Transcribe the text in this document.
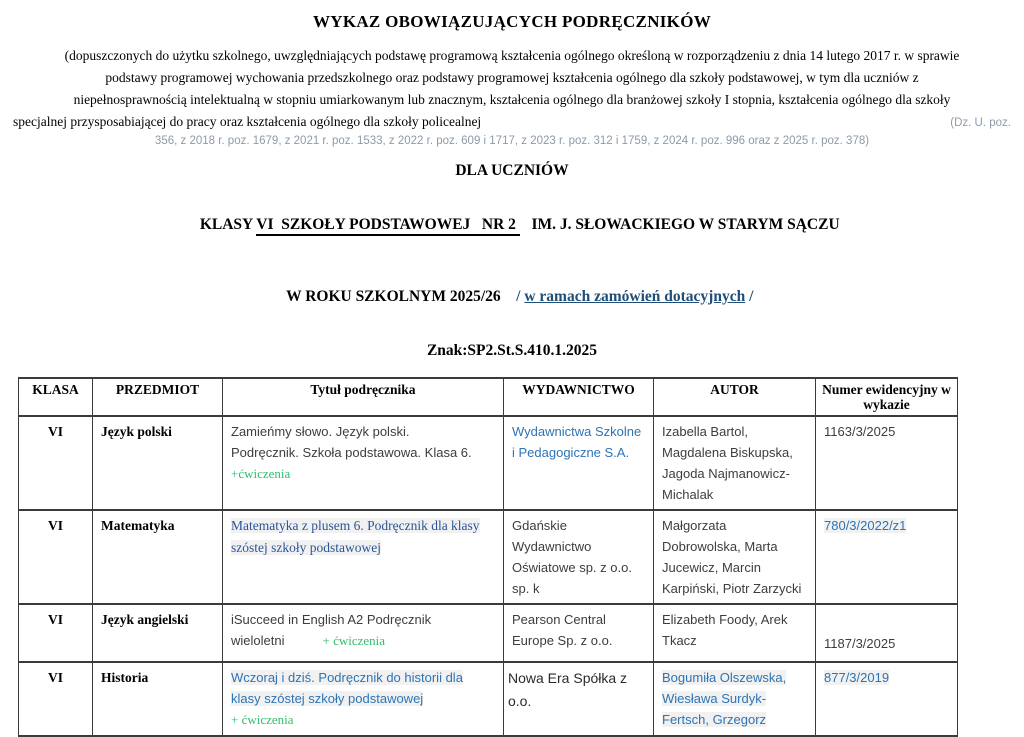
WYKAZ OBOWIĄZUJĄCYCH PODRĘCZNIKÓW
(dopuszczonych do użytku szkolnego, uwzględniających podstawę programową kształcenia ogólnego określoną w rozporządzeniu z dnia 14 lutego 2017 r. w sprawie
podstawy programowej wychowania przedszkolnego oraz podstawy programowej kształcenia ogólnego dla szkoły podstawowej, w tym dla uczniów z
niepełnosprawnością intelektualną w stopniu umiarkowanym lub znacznym, kształcenia ogólnego dla branżowej szkoły I stopnia, kształcenia ogólnego dla szkoły
specjalnej przysposabiającej do pracy oraz kształcenia ogólnego dla szkoły policealnej	(Dz. U. poz.
356, z 2018 r. poz. 1679, z 2021 r. poz. 1533, z 2022 r. poz. 609 i 1717, z 2023 r. poz. 312 i 1759, z 2024 r. poz. 996 oraz z 2025 r. poz. 378)
DLA UCZNIÓW

KLASY VI  SZKOŁY PODSTAWOWEJ   NR 2    IM. J. SŁOWACKIEGO W STARYM SĄCZU

W ROKU SZKOLNYM 2025/26    / w ramach zamówień dotacyjnych /

Znak:SP2.St.S.410.1.2025
KLASA	PRZEDMIOT	Tytuł podręcznika	WYDAWNICTWO	AUTOR	Numer ewidencyjny w wykazie
VI	Język polski	Zamieńmy słowo. Język polski.
Podręcznik. Szkoła podstawowa. Klasa 6.
+ćwiczenia	Wydawnictwa Szkolne i Pedagogiczne S.A.	Izabella Bartol, Magdalena Biskupska, Jagoda Najmanowicz-Michalak	1163/3/2025
VI	Matematyka	Matematyka z plusem 6. Podręcznik dla klasy szóstej szkoły podstawowej	Gdańskie Wydawnictwo Oświatowe sp. z o.o. sp. k	Małgorzata Dobrowolska, Marta Jucewicz, Marcin Karpiński, Piotr Zarzycki	780/3/2022/z1
VI	Język angielski	iSucceed in English A2 Podręcznik
wieloletni + ćwiczenia	Pearson Central Europe Sp. z o.o.	Elizabeth Foody, Arek Tkacz	1187/3/2025
VI	Historia	Wczoraj i dziś. Podręcznik do historii dla klasy szóstej szkoły podstawowej
+ ćwiczenia	Nowa Era Spółka z o.o.	Bogumiła Olszewska, Wiesława Surdyk-Fertsch, Grzegorz	877/3/2019
